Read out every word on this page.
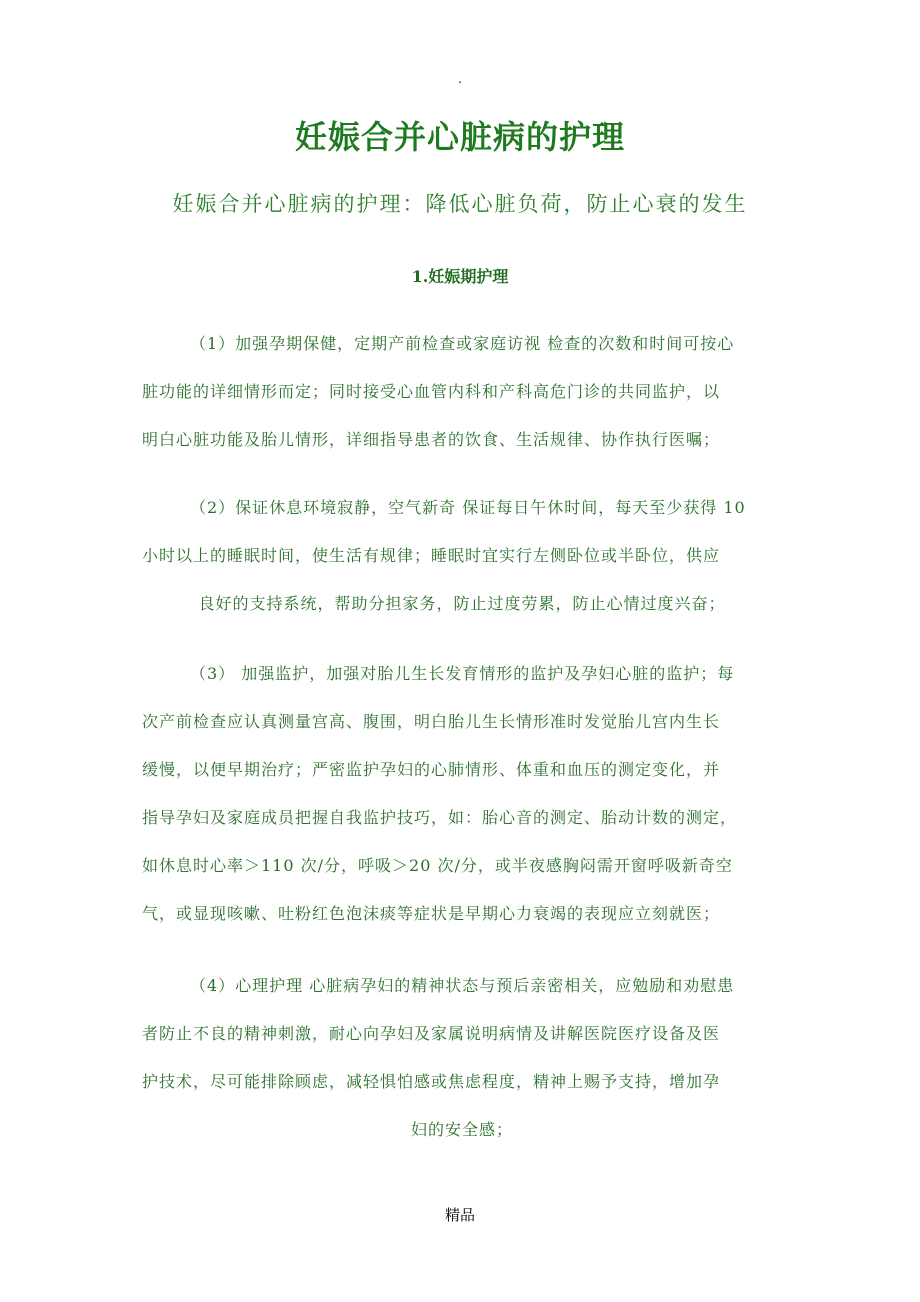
.
妊娠合并心脏病的护理
妊娠合并心脏病的护理：降低心脏负荷，防止心衰的发生
1.妊娠期护理
（1）加强孕期保健，定期产前检查或家庭访视 检查的次数和时间可按心
脏功能的详细情形而定；同时接受心血管内科和产科高危门诊的共同监护，以
明白心脏功能及胎儿情形，详细指导患者的饮食、生活规律、协作执行医嘱；
（2）保证休息环境寂静，空气新奇 保证每日午休时间，每天至少获得 10
小时以上的睡眠时间，使生活有规律；睡眠时宜实行左侧卧位或半卧位，供应
良好的支持系统，帮助分担家务，防止过度劳累，防止心情过度兴奋；
（3） 加强监护，加强对胎儿生长发育情形的监护及孕妇心脏的监护；每
次产前检查应认真测量宫高、腹围，明白胎儿生长情形准时发觉胎儿宫内生长
缓慢，以便早期治疗；严密监护孕妇的心肺情形、体重和血压的测定变化，并
指导孕妇及家庭成员把握自我监护技巧，如：胎心音的测定、胎动计数的测定，
如休息时心率＞110 次/分，呼吸＞20 次/分，或半夜感胸闷需开窗呼吸新奇空
气，或显现咳嗽、吐粉红色泡沫痰等症状是早期心力衰竭的表现应立刻就医；
（4）心理护理 心脏病孕妇的精神状态与预后亲密相关，应勉励和劝慰患
者防止不良的精神刺激，耐心向孕妇及家属说明病情及讲解医院医疗设备及医
护技术，尽可能排除顾虑，减轻惧怕感或焦虑程度，精神上赐予支持，增加孕
妇的安全感；
精品
